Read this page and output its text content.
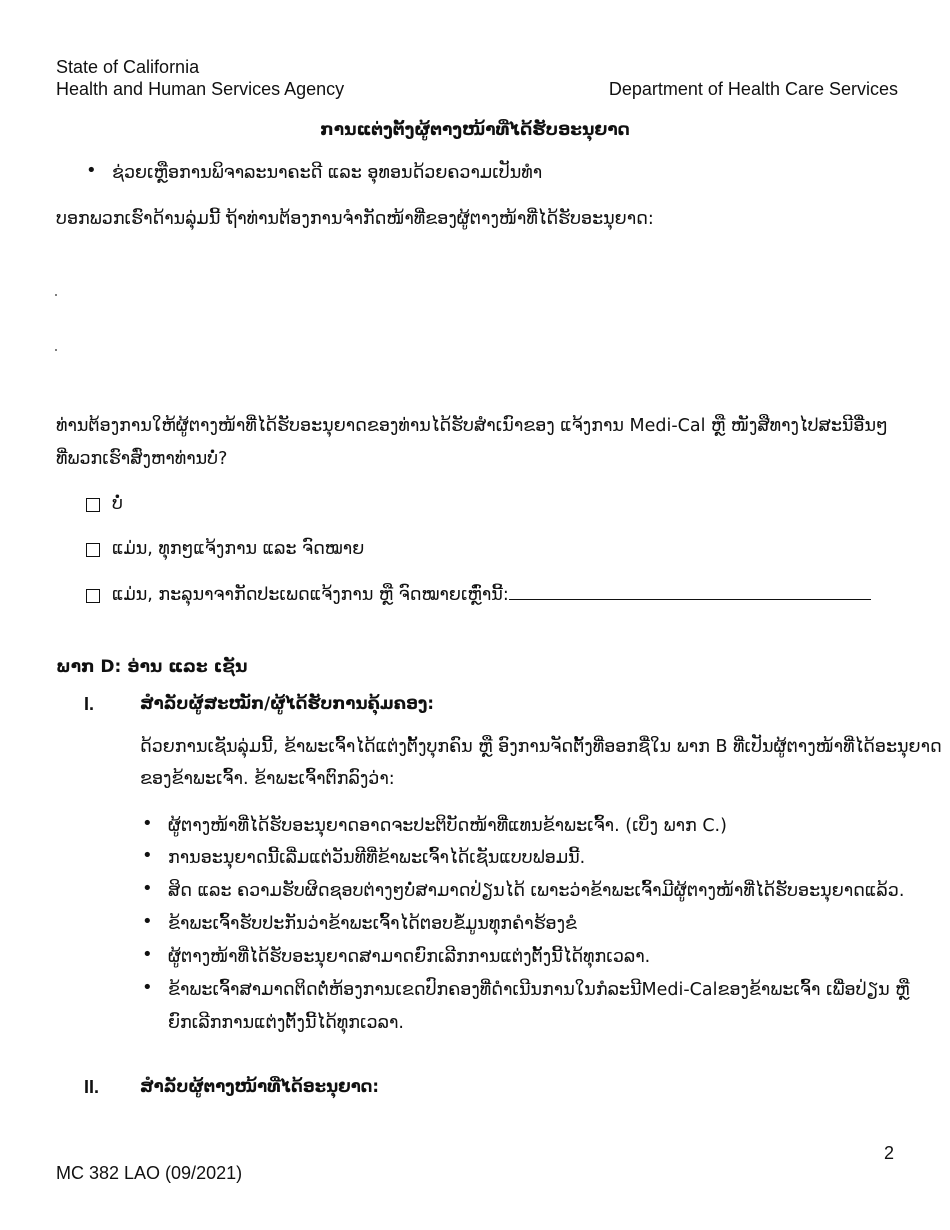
State of California
Health and Human Services Agency	Department of Health Care Services
ການແຕ່ງຕັ້ງຜູ້ຕາງໜ້າທີ່ໄດ້ຮັບອະນຸຍາດ
• ຊ່ວຍເຫຼືອການພິຈາລະນາຄະດີ ແລະ ອຸທອນດ້ວຍຄວາມເປັນທໍາ
ບອກພວກເຮົາດ້ານລຸ່ມນີ້ ຖ້າທ່ານຕ້ອງການຈຳກັດໜ້າທີ່ຂອງຜູ້ຕາງໜ້າທີ່ໄດ້ຮັບອະນຸຍາດ:
ທ່ານຕ້ອງການໃຫ້ຜູ້ຕາງໜ້າທີ່ໄດ້ຮັບອະນຸຍາດຂອງທ່ານໄດ້ຮັບສໍາເນົາຂອງ ແຈ້ງການ Medi-Cal ຫຼື ໜັງສືທາງໄປສະນີອື່ນໆ
ທີ່ພວກເຮົາສົ່ງຫາທ່ານບໍ່?
ບໍ່
ແມ່ນ, ທຸກໆແຈ້ງການ ແລະ ຈົດໝາຍ
ແມ່ນ, ກະລຸນາຈາກັດປະເພດແຈ້ງການ ຫຼື ຈົດໝາຍເຫຼົ່ານີ້:
ພາກ D: ອ່ານ ແລະ ເຊັນ
I.	ສໍາລັບຜູ້ສະໝັກ/ຜູ້ໄດ້ຮັບການຄຸ້ມຄອງ:
ດ້ວຍການເຊັນລຸ່ມນີ້, ຂ້າພະເຈົ້າໄດ້ແຕ່ງຕັ້ງບຸກຄົນ ຫຼື ອົງການຈັດຕັ້ງທີ່ອອກຊື່ໃນ ພາກ B ທີ່ເປັນຜູ້ຕາງໜ້າທີ່ໄດ້ອະນຸຍາດ
ຂອງຂ້າພະເຈົ້າ. ຂ້າພະເຈົ້າຕົກລົງວ່າ:
• ຜູ້ຕາງໜ້າທີ່ໄດ້ຮັບອະນຸຍາດອາດຈະປະຕິບັດໜ້າທີ່ແທນຂ້າພະເຈົ້າ. (ເບິ່ງ ພາກ C.)
• ການອະນຸຍາດນີ້ເລີ່ມແຕ່ວັນທີທີ່ຂ້າພະເຈົ້າໄດ້ເຊັນແບບຟອມນີ້.
• ສິດ ແລະ ຄວາມຮັບຜິດຊອບຕ່າງໆບໍ່ສາມາດປ່ຽນໄດ້ ເພາະວ່າຂ້າພະເຈົ້າມີຜູ້ຕາງໜ້າທີ່ໄດ້ຮັບອະນຸຍາດແລ້ວ.
• ຂ້າພະເຈົ້າຮັບປະກັນວ່າຂ້າພະເຈົ້າໄດ້ຕອບຂໍ້ມູນທຸກຄໍາຮ້ອງຂໍ
• ຜູ້ຕາງໜ້າທີ່ໄດ້ຮັບອະນຸຍາດສາມາດຍົກເລີກການແຕ່ງຕັ້ງນີ້ໄດ້ທຸກເວລາ.
• ຂ້າພະເຈົ້າສາມາດຕິດຕໍ່ຫ້ອງການເຂດປົກຄອງທີ່ດໍາເນີນການໃນກໍລະນີMedi-Calຂອງຂ້າພະເຈົ້າ ເພື່ອປ່ຽນ ຫຼື
ຍົກເລີກການແຕ່ງຕັ້ງນີ້ໄດ້ທຸກເວລາ.
II. ສໍາລັບຜູ້ຕາງໜ້າທີ່ໄດ້ອະນຸຍາດ:
2
MC 382 LAO (09/2021)
